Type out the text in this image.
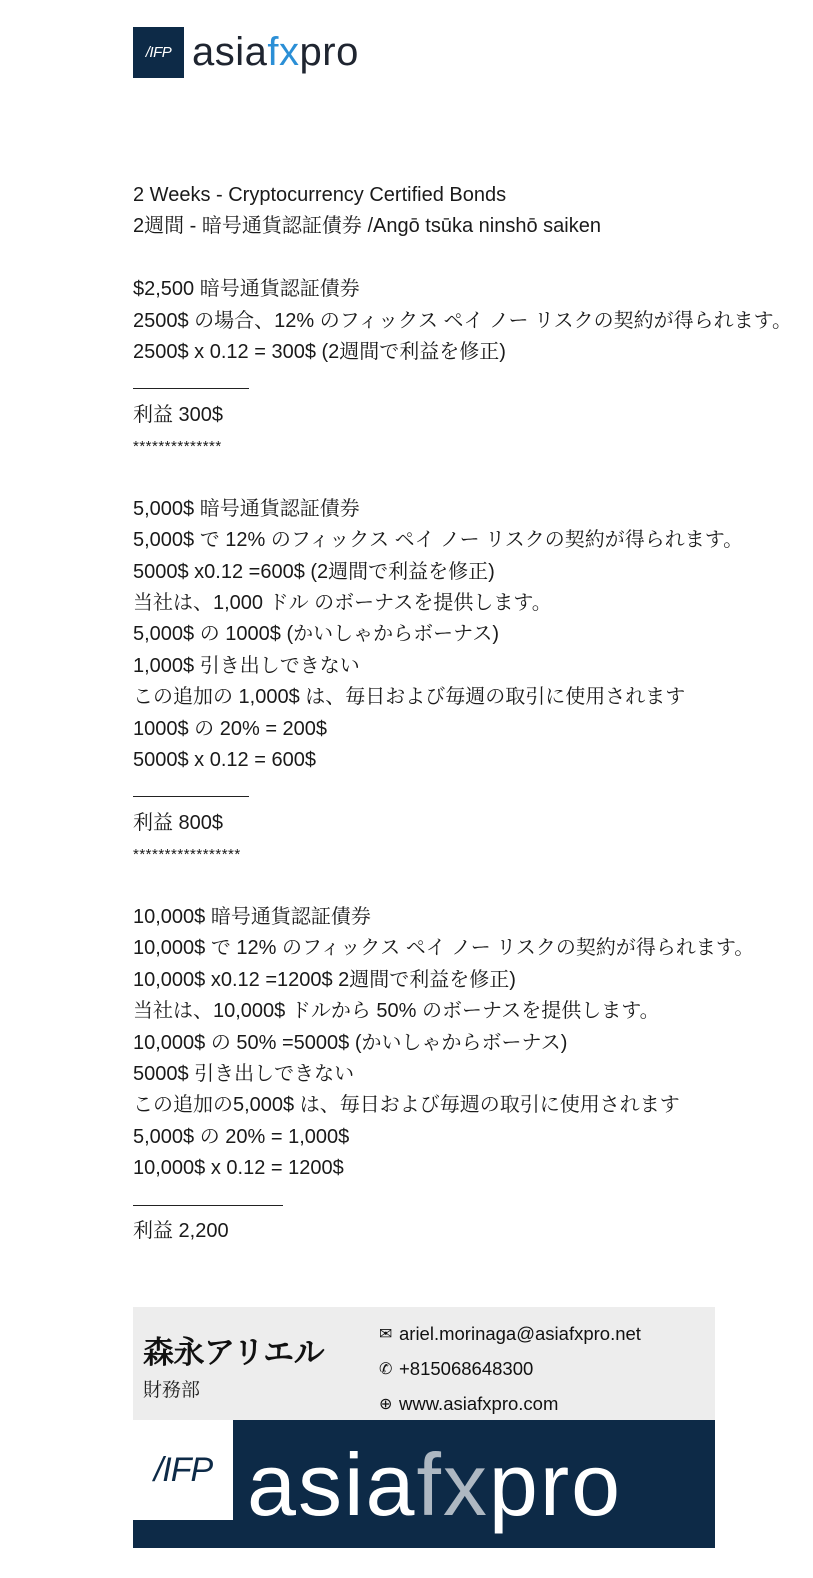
/IFP asiafxpro
2 Weeks - Cryptocurrency Certified Bonds
2週間 - 暗号通貨認証債券 /Angō tsūka ninshō saiken
$2,500 暗号通貨認証債券
2500$ の場合、12% のフィックス ペイ ノー リスクの契約が得られます。
2500$ x 0.12 = 300$ (2週間で利益を修正)
利益 300$
**************
5,000$ 暗号通貨認証債券
5,000$ で 12% のフィックス ペイ ノー リスクの契約が得られます。
5000$ x0.12 =600$ (2週間で利益を修正)
当社は、1,000 ドル のボーナスを提供します。
5,000$ の 1000$ (かいしゃからボーナス)
1,000$ 引き出しできない
この追加の 1,000$ は、毎日および毎週の取引に使用されます
1000$ の 20% = 200$
5000$ x 0.12 = 600$
利益 800$
*****************
10,000$ 暗号通貨認証債券
10,000$ で 12% のフィックス ペイ ノー リスクの契約が得られます。
10,000$ x0.12 =1200$ 2週間で利益を修正)
当社は、10,000$ ドルから 50% のボーナスを提供します。
10,000$ の 50% =5000$ (かいしゃからボーナス)
5000$ 引き出しできない
この追加の5,000$ は、毎日および毎週の取引に使用されます
5,000$ の 20% = 1,000$
10,000$ x 0.12 = 1200$
利益 2,200
森永アリエル
財務部
✉ ariel.morinaga@asiafxpro.net
✆ +815068648300
⊕ www.asiafxpro.com
/IFP asiafxpro
